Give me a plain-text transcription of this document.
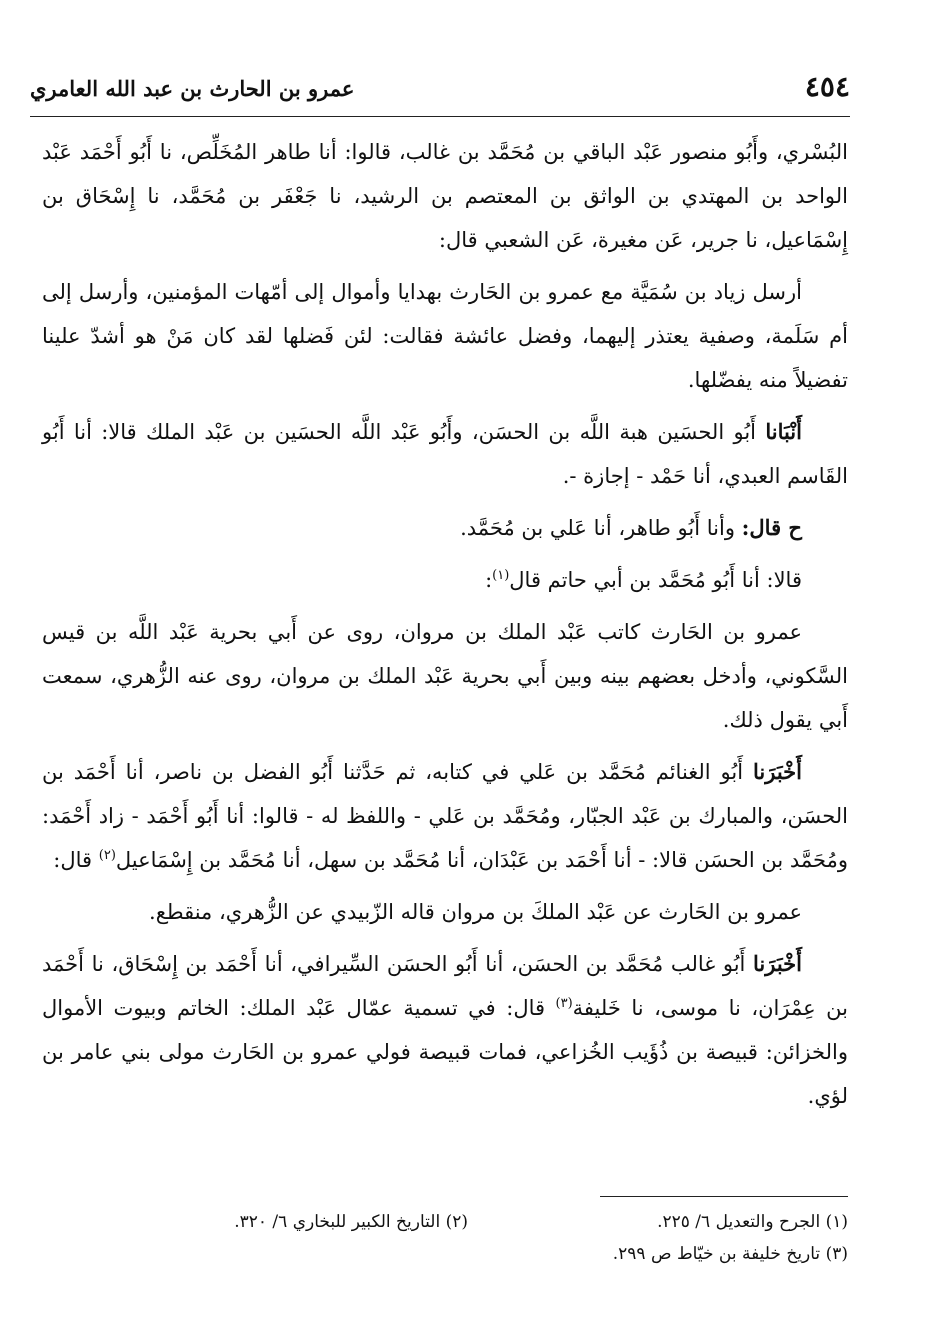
٤٥٤
عمرو بن الحارث بن عبد الله العامري

البُسْري، وأَبُو منصور عَبْد الباقي بن مُحَمَّد بن غالب، قالوا: أنا طاهر المُخَلِّص، نا أَبُو أَحْمَد عَبْد الواحد بن المهتدي بن الواثق بن المعتصم بن الرشيد، نا جَعْفَر بن مُحَمَّد، نا إِسْحَاق بن إِسْمَاعيل، نا جرير، عَن مغيرة، عَن الشعبي قال:

أرسل زياد بن سُمَيَّة مع عمرو بن الحَارث بهدايا وأموال إلى أمّهات المؤمنين، وأرسل إلى أم سَلَمة، وصفية يعتذر إليهما، وفضل عائشة فقالت: لئن فَضلها لقد كان مَنْ هو أشدّ علينا تفضيلاً منه يفضّلها.

أَنْبَانا أَبُو الحسَين هبة اللَّه بن الحسَن، وأَبُو عَبْد اللَّه الحسَين بن عَبْد الملك قالا: أنا أَبُو القَاسم العبدي، أنا حَمْد - إجازة -.

ح قال: وأنا أَبُو طاهر، أنا عَلي بن مُحَمَّد.

قالا: أنا أَبُو مُحَمَّد بن أبي حاتم قال$^{(١)}$:

عمرو بن الحَارث كاتب عَبْد الملك بن مروان، روى عن أَبي بحرية عَبْد اللَّه بن قيس السَّكوني، وأدخل بعضهم بينه وبين أَبي بحرية عَبْد الملك بن مروان، روى عنه الزُّهري، سمعت أَبي يقول ذلك.

أَخْبَرَنا أَبُو الغنائم مُحَمَّد بن عَلي في كتابه، ثم حَدَّثنا أَبُو الفضل بن ناصر، أنا أَحْمَد بن الحسَن، والمبارك بن عَبْد الجبّار، ومُحَمَّد بن عَلي - واللفظ له - قالوا: أنا أَبُو أَحْمَد - زاد أَحْمَد: ومُحَمَّد بن الحسَن قالا: - أنا أَحْمَد بن عَبْدَان، أنا مُحَمَّد بن سهل، أنا مُحَمَّد بن إِسْمَاعيل$^{(٢)}$ قال:

عمرو بن الحَارث عن عَبْد الملكَ بن مروان قاله الزّبيدي عن الزُّهري، منقطع.

أَخْبَرَنا أَبُو غالب مُحَمَّد بن الحسَن، أنا أَبُو الحسَن السِّيرافي، أنا أَحْمَد بن إِسْحَاق، نا أَحْمَد بن عِمْرَان، نا موسى، نا خَليفة$^{(٣)}$ قال: في تسمية عمّال عَبْد الملك: الخاتم وبيوت الأموال والخزائن: قبيصة بن ذُؤَيب الخُزاعي، فمات قبيصة فولي عمرو بن الحَارث مولى بني عامر بن لؤي.

(١) الجرح والتعديل ٦/ ٢٢٥.
(٢) التاريخ الكبير للبخاري ٦/ ٣٢٠.
(٣) تاريخ خليفة بن خيّاط ص ٢٩٩.
